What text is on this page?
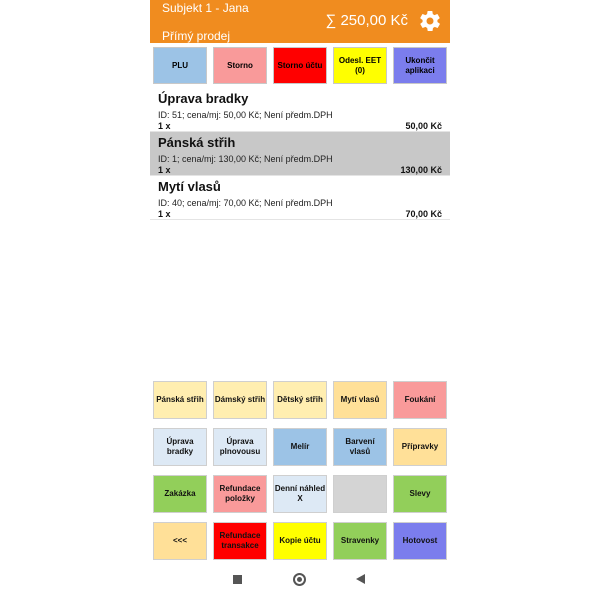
Subjekt 1 - Jana
Přímý prodej
∑ 250,00 Kč
PLU	Storno	Storno účtu
Odesl. EET (0)
Ukončit aplikaci
Úprava bradky
ID: 51; cena/mj: 50,00 Kč; Není předm.DPH
1 x	50,00 Kč
Pánská střih
ID: 1; cena/mj: 130,00 Kč; Není předm.DPH
1 x	130,00 Kč
Mytí vlasů
ID: 40; cena/mj: 70,00 Kč; Není předm.DPH
1 x	70,00 Kč
Pánská střih	Dámský střih	Dětský střih	Mytí vlasů	Foukání
Úprava bradky
Úprava plnovousu
Melír
Barvení vlasů
Přípravky
Zakázka
Refundace položky
Denní náhled X
Slevy
<<<
Refundace transakce
Kopie účtu	Stravenky	Hotovost
